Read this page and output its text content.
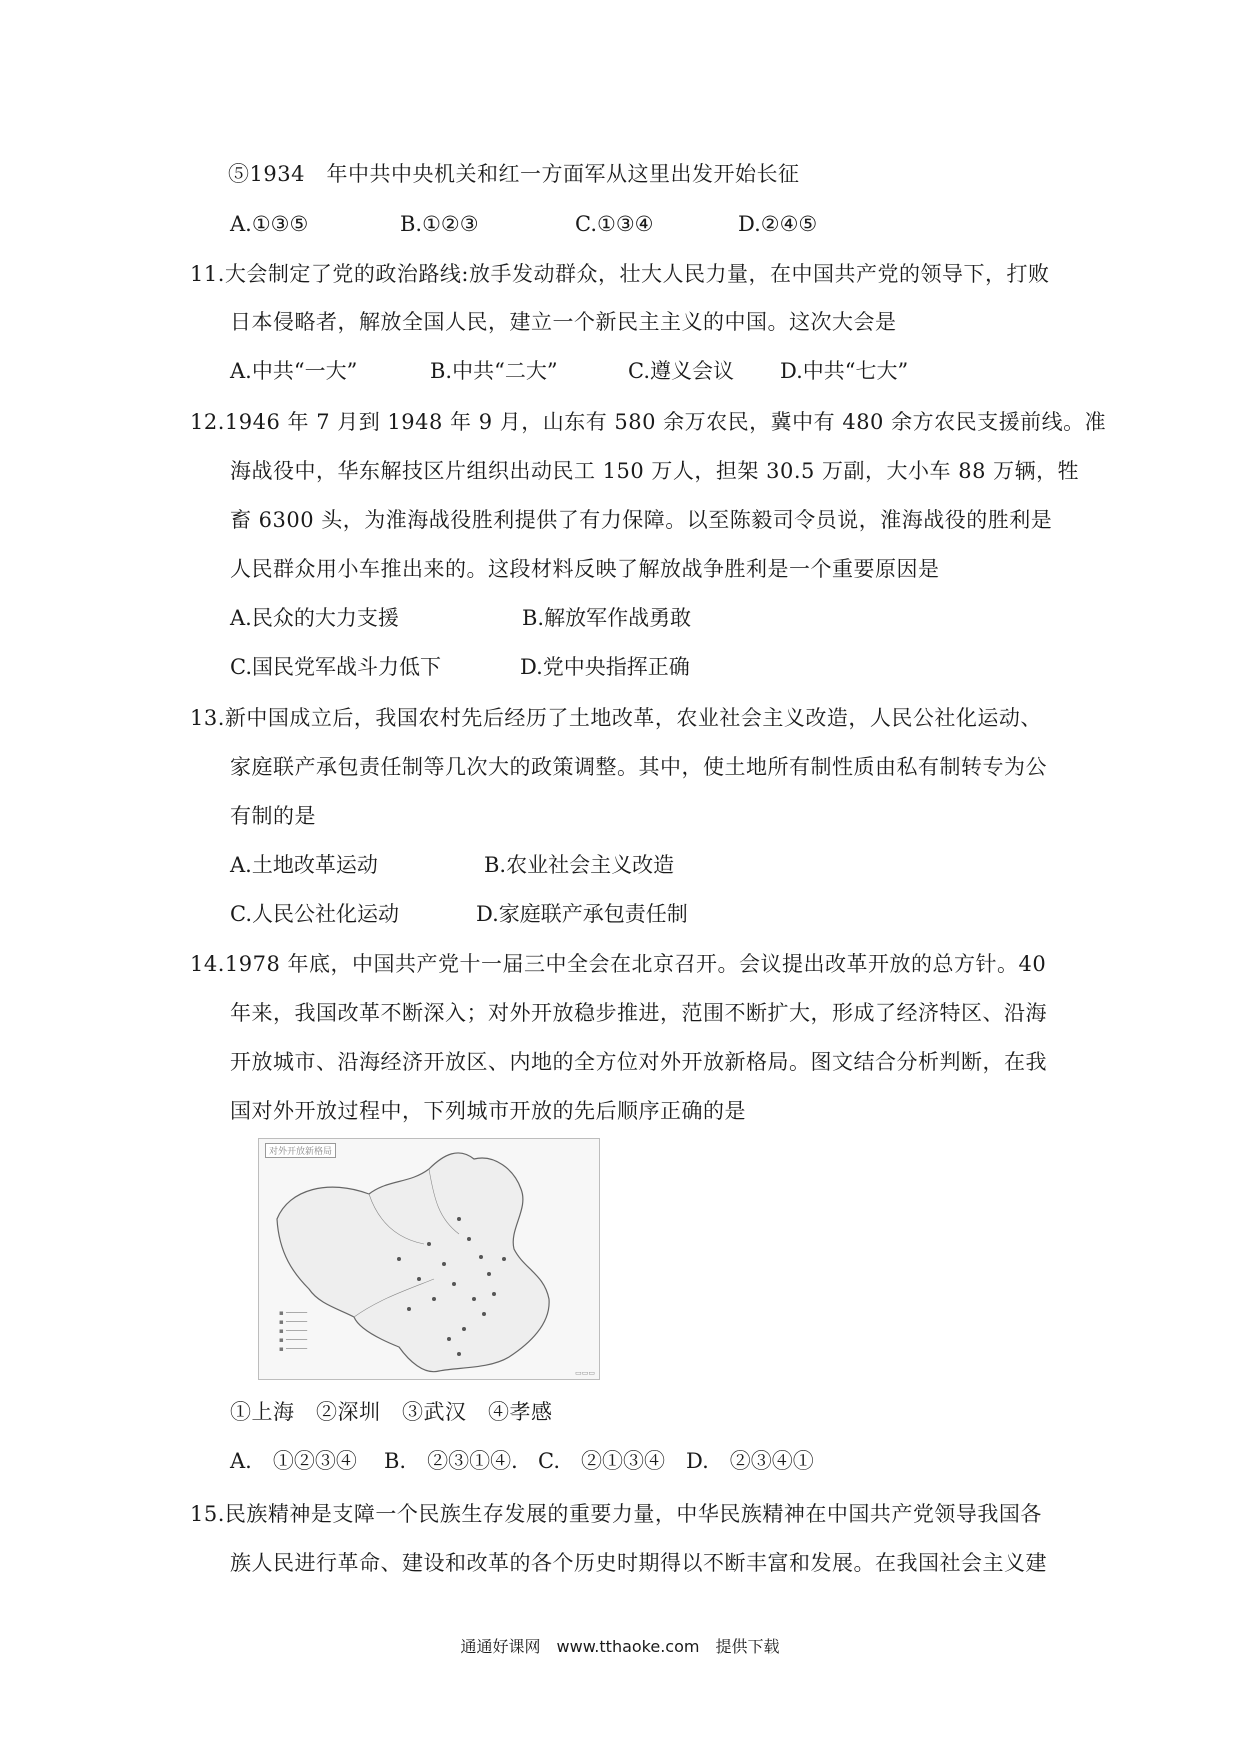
⑤1934　年中共中央机关和红一方面军从这里出发开始长征
A.①③⑤	B.①②③	C.①③④	D.②④⑤
11.大会制定了党的政治路线:放手发动群众，壮大人民力量，在中国共产党的领导下，打败
日本侵略者，解放全国人民，建立一个新民主主义的中国。这次大会是
A.中共“一大”	B.中共“二大”	C.遵义会议 D.中共“七大”
12.1946 年 7 月到 1948 年 9 月，山东有 580 余万农民，冀中有 480 余方农民支援前线。准
海战役中，华东解技区片组织出动民工 150 万人，担架 30.5 万副，大小车 88 万辆，牲
畜 6300 头，为淮海战役胜利提供了有力保障。以至陈毅司令员说，淮海战役的胜利是
人民群众用小车推出来的。这段材料反映了解放战争胜利是一个重要原因是
A.民众的大力支援	B.解放军作战勇敢
C.国民党军战斗力低下	D.党中央指挥正确
13.新中国成立后，我国农村先后经历了土地改革，农业社会主义改造，人民公社化运动、
家庭联产承包责任制等几次大的政策调整。其中，使土地所有制性质由私有制转专为公
有制的是
A.土地改革运动	B.农业社会主义改造
C.人民公社化运动	D.家庭联产承包责任制
14.1978 年底，中国共产党十一届三中全会在北京召开。会议提出改革开放的总方针。40
年来，我国改革不断深入；对外开放稳步推进，范围不断扩大，形成了经济特区、沿海
开放城市、沿海经济开放区、内地的全方位对外开放新格局。图文结合分析判断，在我
国对外开放过程中，下列城市开放的先后顺序正确的是
对外开放新格局
▪ ─────
▪ ─────
▪ ─────
▪ ─────
▪ ─────
▭▭▭
①上海　②深圳　③武汉　④孝感
A.　①②③④ B.　②③①④． C.　②①③④ D.　②③④①
15.民族精神是支障一个民族生存发展的重要力量，中华民族精神在中国共产党领导我国各
族人民进行革命、建设和改革的各个历史时期得以不断丰富和发展。在我国社会主义建
通通好课网　www.tthaoke.com　提供下载
